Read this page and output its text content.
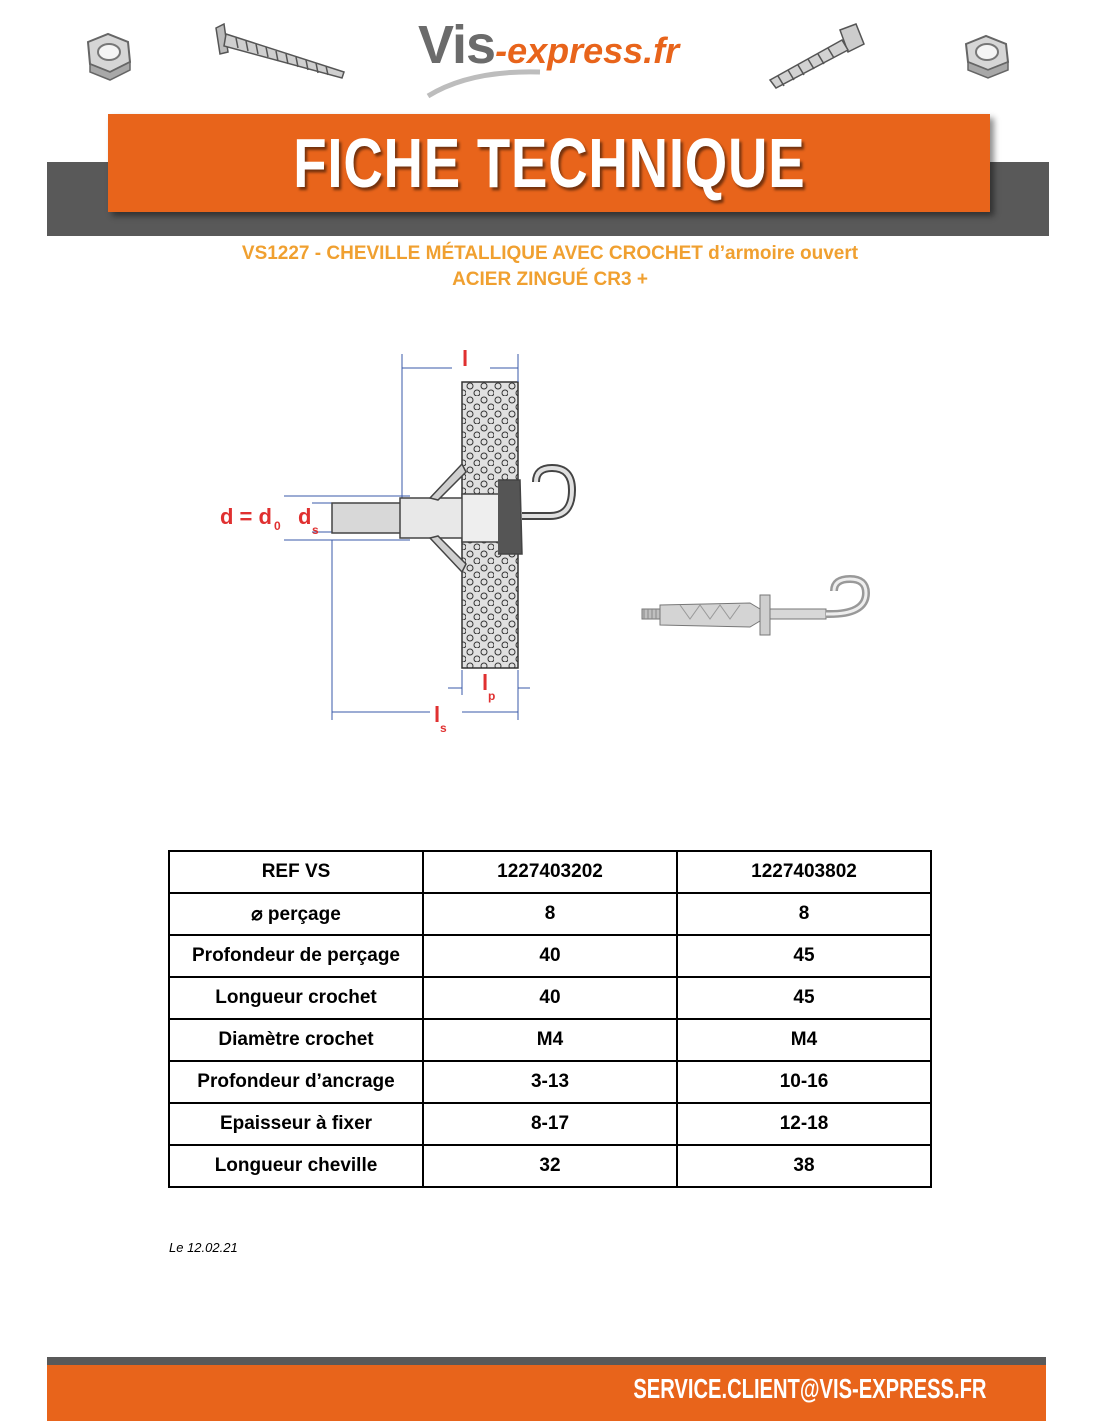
Vis-express.fr
FICHE TECHNIQUE
VS1227 - CHEVILLE MÉTALLIQUE AVEC CROCHET d’armoire ouvert
ACIER ZINGUÉ CR3 +
l
d = d 0 d
s
l
p
l
s
REF VS	1227403202	1227403802
⌀ perçage	8	8
Profondeur de perçage	40	45
Longueur crochet	40	45
Diamètre crochet	M4	M4
Profondeur d’ancrage	3-13	10-16
Epaisseur à fixer	8-17	12-18
Longueur cheville	32	38
Le 12.02.21
SERVICE.CLIENT@VIS-EXPRESS.FR
